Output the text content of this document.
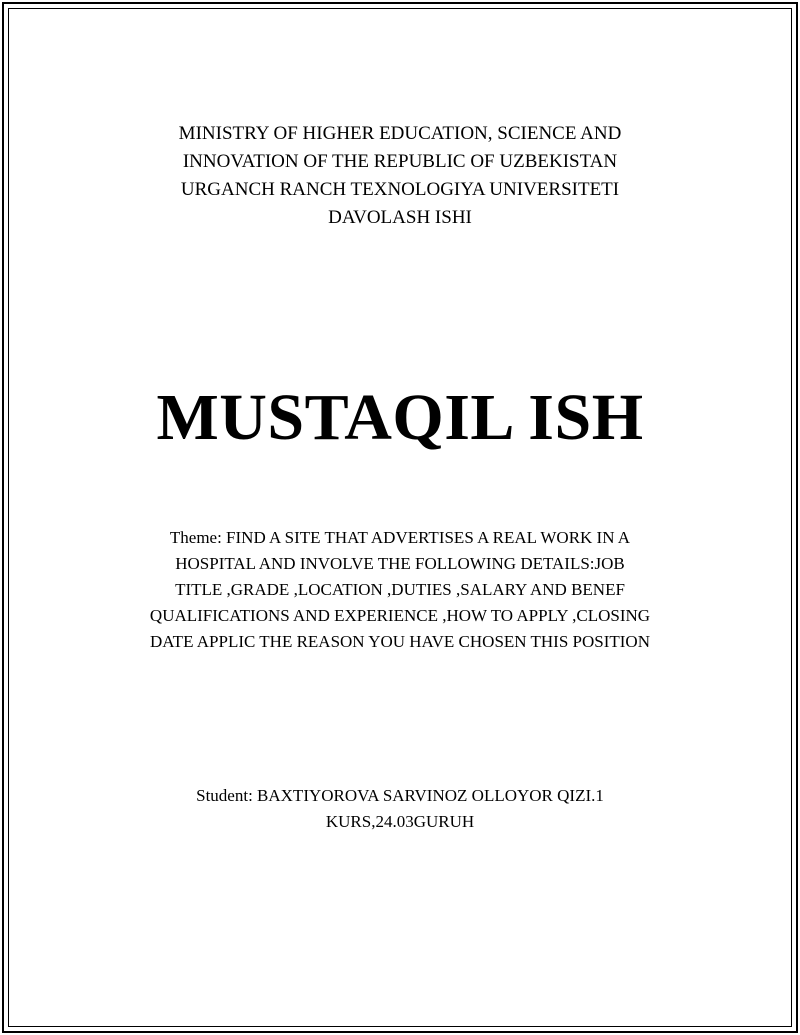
MINISTRY OF HIGHER EDUCATION, SCIENCE AND
INNOVATION OF THE REPUBLIC OF UZBEKISTAN
URGANCH RANCH TEXNOLOGIYA UNIVERSITETI
DAVOLASH ISHI
MUSTAQIL ISH
Theme: FIND A SITE THAT ADVERTISES A REAL WORK IN A
HOSPITAL AND INVOLVE THE FOLLOWING DETAILS:JOB
TITLE ,GRADE ,LOCATION ,DUTIES ,SALARY AND BENEF
QUALIFICATIONS AND EXPERIENCE ,HOW TO APPLY ,CLOSING
DATE APPLIC THE REASON YOU HAVE CHOSEN THIS POSITION
Student: BAXTIYOROVA SARVINOZ OLLOYOR QIZI.1
KURS,24.03GURUH
